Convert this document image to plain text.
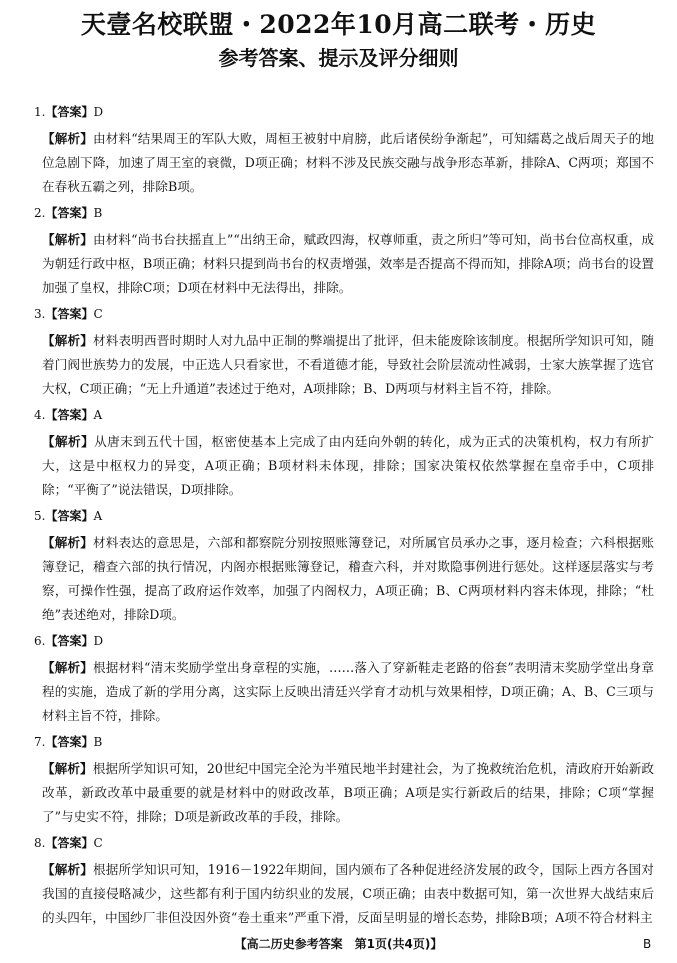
天壹名校联盟・2022年10月高二联考・历史
参考答案、提示及评分细则
1.【答案】D
【解析】由材料“结果周王的军队大败，周桓王被射中肩膀，此后诸侯纷争渐起”，可知繻葛之战后周天子的地位急剧下降，加速了周王室的衰微，D项正确；材料不涉及民族交融与战争形态革新，排除A、C两项；郑国不在春秋五霸之列，排除B项。
2.【答案】B
【解析】由材料“尚书台扶摇直上”“出纳王命，赋政四海，权尊师重，责之所归”等可知，尚书台位高权重，成为朝廷行政中枢，B项正确；材料只提到尚书台的权责增强，效率是否提高不得而知，排除A项；尚书台的设置加强了皇权，排除C项；D项在材料中无法得出，排除。
3.【答案】C
【解析】材料表明西晋时期时人对九品中正制的弊端提出了批评，但未能废除该制度。根据所学知识可知，随着门阀世族势力的发展，中正选人只看家世，不看道德才能，导致社会阶层流动性减弱，士家大族掌握了选官大权，C项正确；“无上升通道”表述过于绝对，A项排除；B、D两项与材料主旨不符，排除。
4.【答案】A
【解析】从唐末到五代十国，枢密使基本上完成了由内廷向外朝的转化，成为正式的决策机构，权力有所扩大，这是中枢权力的异变，A项正确；B项材料未体现，排除；国家决策权依然掌握在皇帝手中，C项排除；“平衡了”说法错误，D项排除。
5.【答案】A
【解析】材料表达的意思是，六部和都察院分别按照账簿登记，对所属官员承办之事，逐月检查；六科根据账簿登记，稽查六部的执行情况，内阁亦根据账簿登记，稽查六科，并对欺隐事例进行惩处。这样逐层落实与考察，可操作性强，提高了政府运作效率，加强了内阁权力，A项正确；B、C两项材料内容未体现，排除；“杜绝”表述绝对，排除D项。
6.【答案】D
【解析】根据材料“清末奖励学堂出身章程的实施，……落入了穿新鞋走老路的俗套”表明清末奖励学堂出身章程的实施，造成了新的学用分离，这实际上反映出清廷兴学育才动机与效果相悖，D项正确；A、B、C三项与材料主旨不符，排除。
7.【答案】B
【解析】根据所学知识可知，20世纪中国完全沦为半殖民地半封建社会，为了挽救统治危机，清政府开始新政改革，新政改革中最重要的就是材料中的财政改革，B项正确；A项是实行新政后的结果，排除；C项“掌握了”与史实不符，排除；D项是新政改革的手段，排除。
8.【答案】C
【解析】根据所学知识可知，1916－1922年期间，国内颁布了各种促进经济发展的政令，国际上西方各国对我国的直接侵略减少，这些都有利于国内纺织业的发展，C项正确；由表中数据可知，第一次世界大战结束后的头四年，中国纱厂非但没因外资“卷土重来”严重下滑，反面呈明显的增长态势，排除B项；A项不符合材料主
【高二历史参考答案　第1页(共4页)】	B
